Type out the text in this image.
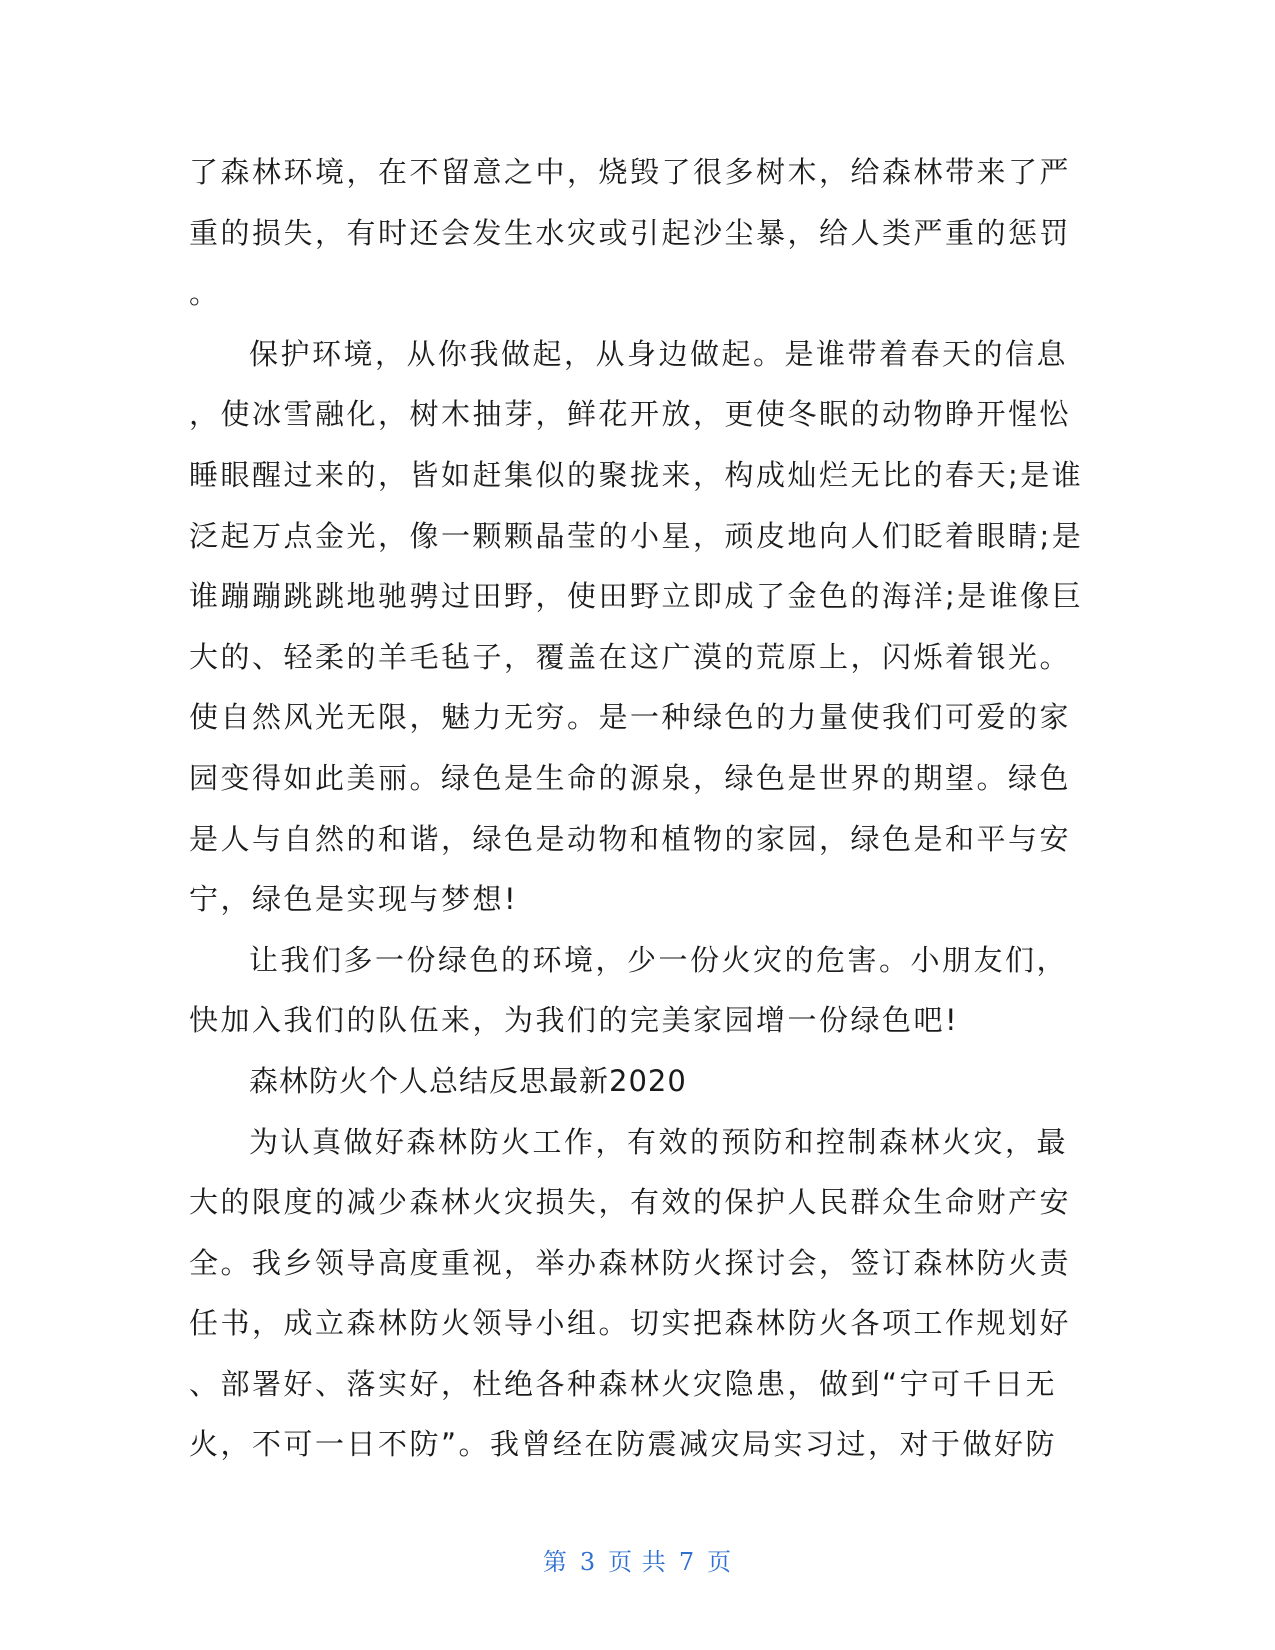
了森林环境，在不留意之中，烧毁了很多树木，给森林带来了严
重的损失，有时还会发生水灾或引起沙尘暴，给人类严重的惩罚
。
保护环境，从你我做起，从身边做起。是谁带着春天的信息
，使冰雪融化，树木抽芽，鲜花开放，更使冬眠的动物睁开惺忪
睡眼醒过来的，皆如赶集似的聚拢来，构成灿烂无比的春天;是谁
泛起万点金光，像一颗颗晶莹的小星，顽皮地向人们眨着眼睛;是
谁蹦蹦跳跳地驰骋过田野，使田野立即成了金色的海洋;是谁像巨
大的、轻柔的羊毛毡子，覆盖在这广漠的荒原上，闪烁着银光。
使自然风光无限，魅力无穷。是一种绿色的力量使我们可爱的家
园变得如此美丽。绿色是生命的源泉，绿色是世界的期望。绿色
是人与自然的和谐，绿色是动物和植物的家园，绿色是和平与安
宁，绿色是实现与梦想!
让我们多一份绿色的环境，少一份火灾的危害。小朋友们，
快加入我们的队伍来，为我们的完美家园增一份绿色吧!
森林防火个人总结反思最新2020
为认真做好森林防火工作，有效的预防和控制森林火灾，最
大的限度的减少森林火灾损失，有效的保护人民群众生命财产安
全。我乡领导高度重视，举办森林防火探讨会，签订森林防火责
任书，成立森林防火领导小组。切实把森林防火各项工作规划好
、部署好、落实好，杜绝各种森林火灾隐患，做到“宁可千日无
火，不可一日不防”。我曾经在防震减灾局实习过，对于做好防
第 3 页 共 7 页
